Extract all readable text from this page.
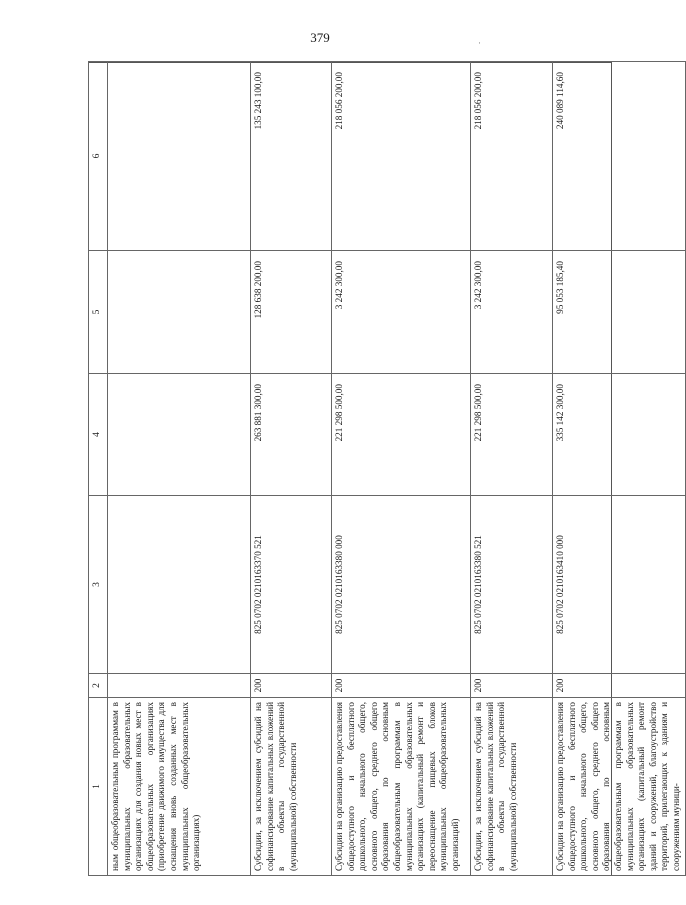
379	·
1	2	3	4	5	6
ным общеобразовательным программам в муниципальных образовательных организациях для создания новых мест в общеобразовательных организациях (приобретение движимого имущества для оснащения вновь созданных мест в муниципальных общеобразовательных организациях)					
Субсидии, за исключением субсидий на софинансирование капитальных вложений в объекты государственной (муниципальной) собственности	200	825 0702 0210163370 521	263 881 300,00	128 638 200,00	135 243 100,00
Субсидии на организацию предоставления общедоступного и бесплатного дошкольного, начального общего, основного общего, среднего общего образования по основным общеобразовательным программам в муниципальных образовательных организациях (капитальный ремонт и переоснащение пищевых блоков муниципальных общеобразовательных организаций)	200	825 0702 0210163380 000	221 298 500,00	3 242 300,00	218 056 200,00
Субсидии, за исключением субсидий на софинансирование капитальных вложений в объекты государственной (муниципальной) собственности	200	825 0702 0210163380 521	221 298 500,00	3 242 300,00	218 056 200,00
Субсидии на организацию предоставления общедоступного и бесплатного дошкольного, начального общего, основного общего, среднего общего образования по основным общеобразовательным программам в муниципальных образовательных организациях (капитальный ремонт зданий и сооружений, благоустройство территорий, прилегающих к зданиям и сооружениям муници-	200	825 0702 0210163410 000	335 142 300,00	95 053 185,40	240 089 114,60
